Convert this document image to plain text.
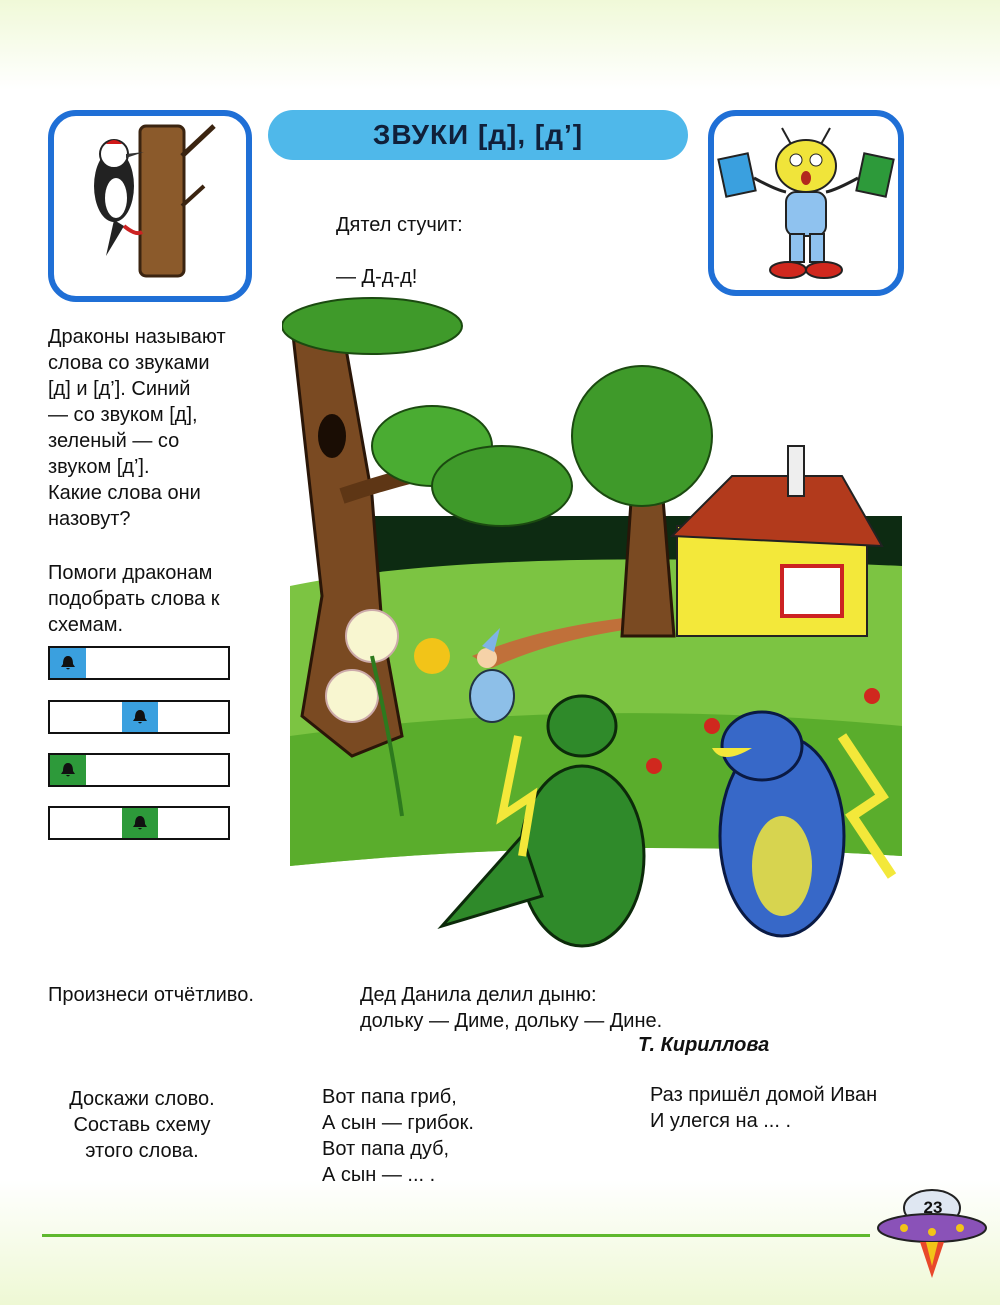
ЗВУКИ [д], [д’]

Дятел стучит:

— Д-д-д!

Драконы называют
слова со звуками
[д] и [д’]. Синий
— со звуком [д],
зеленый — со
звуком [д’].
Какие слова они
назовут?
Помоги драконам
подобрать слова к
схемам.
Произнеси отчётливо.	Дед Данила делил дыню:
дольку — Диме, дольку — Дине.
Т. Кириллова
Доскажи слово.
Составь схему
этого слова.
Вот папа гриб,
А сын — грибок.
Вот папа дуб,
А сын — ... .
Раз пришёл домой Иван
И улегся на ... .
23
